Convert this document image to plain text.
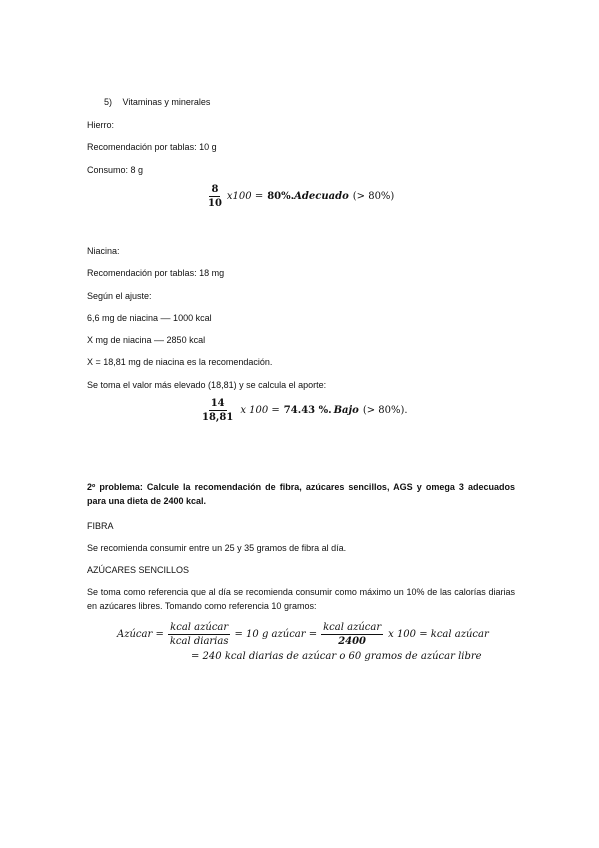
5) Vitaminas y minerales
Hierro:
Recomendación por tablas: 10 g
Consumo: 8 g
$\frac{8}{10} x100 = 80\%$. Adecuado (> 80%)
Niacina:
Recomendación por tablas: 18 mg
Según el ajuste:
6,6 mg de niacina –– 1000 kcal
X mg de niacina –– 2850 kcal
X = 18,81 mg de niacina es la recomendación.
Se toma el valor más elevado (18,81) y se calcula el aporte:
$\frac{14}{18,81}$ x 100 = 74.43 %. Bajo (> 80%).
2º problema: Calcule la recomendación de fibra, azúcares sencillos, AGS y omega 3 adecuados para una dieta de 2400 kcal.
FIBRA
Se recomienda consumir entre un 25 y 35 gramos de fibra al día.
AZÚCARES SENCILLOS
Se toma como referencia que al día se recomienda consumir como máximo un 10% de las calorías diarias en azúcares libres. Tomando como referencia 10 gramos:
Azúcar = $\frac{\text{kcal azúcar}}{\text{kcal diarias}} = 10$ g azúcar = $\frac{\text{kcal azúcar}}{2400}$ x 100 = kcal azúcar
= 240 kcal diarias de azúcar o 60 gramos de azúcar libre
